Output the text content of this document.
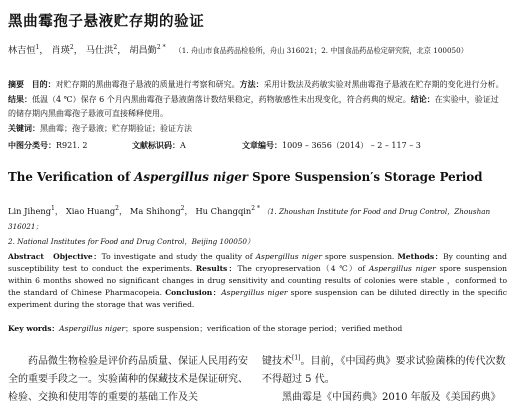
黑曲霉孢子悬液贮存期的验证
林吉恒$^1$， 肖瑛$^2$， 马仕洪$^2$， 胡昌勤$^{2 *}$ （1. 舟山市食品药品检验所，舟山 316021；2. 中国食品药品检定研究院，北京 100050）
摘要 目的：对贮存期的黑曲霉孢子悬液的质量进行考察和研究。方法：采用计数法及药敏实验对黑曲霉孢子悬液在贮存期的变化进行分析。结果：低温（4 ℃）保存 6 个月内黑曲霉孢子悬液菌落计数结果稳定，药物敏感性未出现变化，符合药典的规定。结论：在实验中，验证过的储存期内黑曲霉孢子悬液可直接稀释使用。
关键词：黑曲霉；孢子悬液；贮存期验证；验证方法
中图分类号：R921. 2	文献标识码：A	文章编号：1009 – 3656（2014） – 2 – 117 – 3
The Verification of Aspergillus niger Spore Suspension′s Storage Period
Lin Jiheng$^1$， Xiao Huang$^2$， Ma Shihong$^2$， Hu Changqin$^{2 *}$ （1. Zhoushan Institute for Food and Drug Control，Zhoushan 316021；
2. National Institutes for Food and Drug Control，Beijing 100050）
Abstract Objective：To investigate and study the quality of Aspergillus niger spore suspension. Methods：By counting and susceptibility test to conduct the experiments. Results：The cryopreservation（4 ℃）of Aspergillus niger spore suspension within 6 months showed no significant changes in drug sensitivity and counting results of colonies were stable ，conformed to the standard of Chinese Pharmacopeia. Conclusion：Aspergillus niger spore suspension can be diluted directly in the specific experiment during the storage that was verified.
Key words：Aspergillus niger；spore suspension；verification of the storage period；verified method
药品微生物检验是评价药品质量、保证人民用药安全的重要手段之一。实验菌种的保藏技术是保证研究、检验、交换和使用等的重要的基础工作及关
键技术[1]。目前，《中国药典》要求试验菌株的传代次数不得超过 5 代。
黑曲霉是《中国药典》2010 年版及《美国药典》
